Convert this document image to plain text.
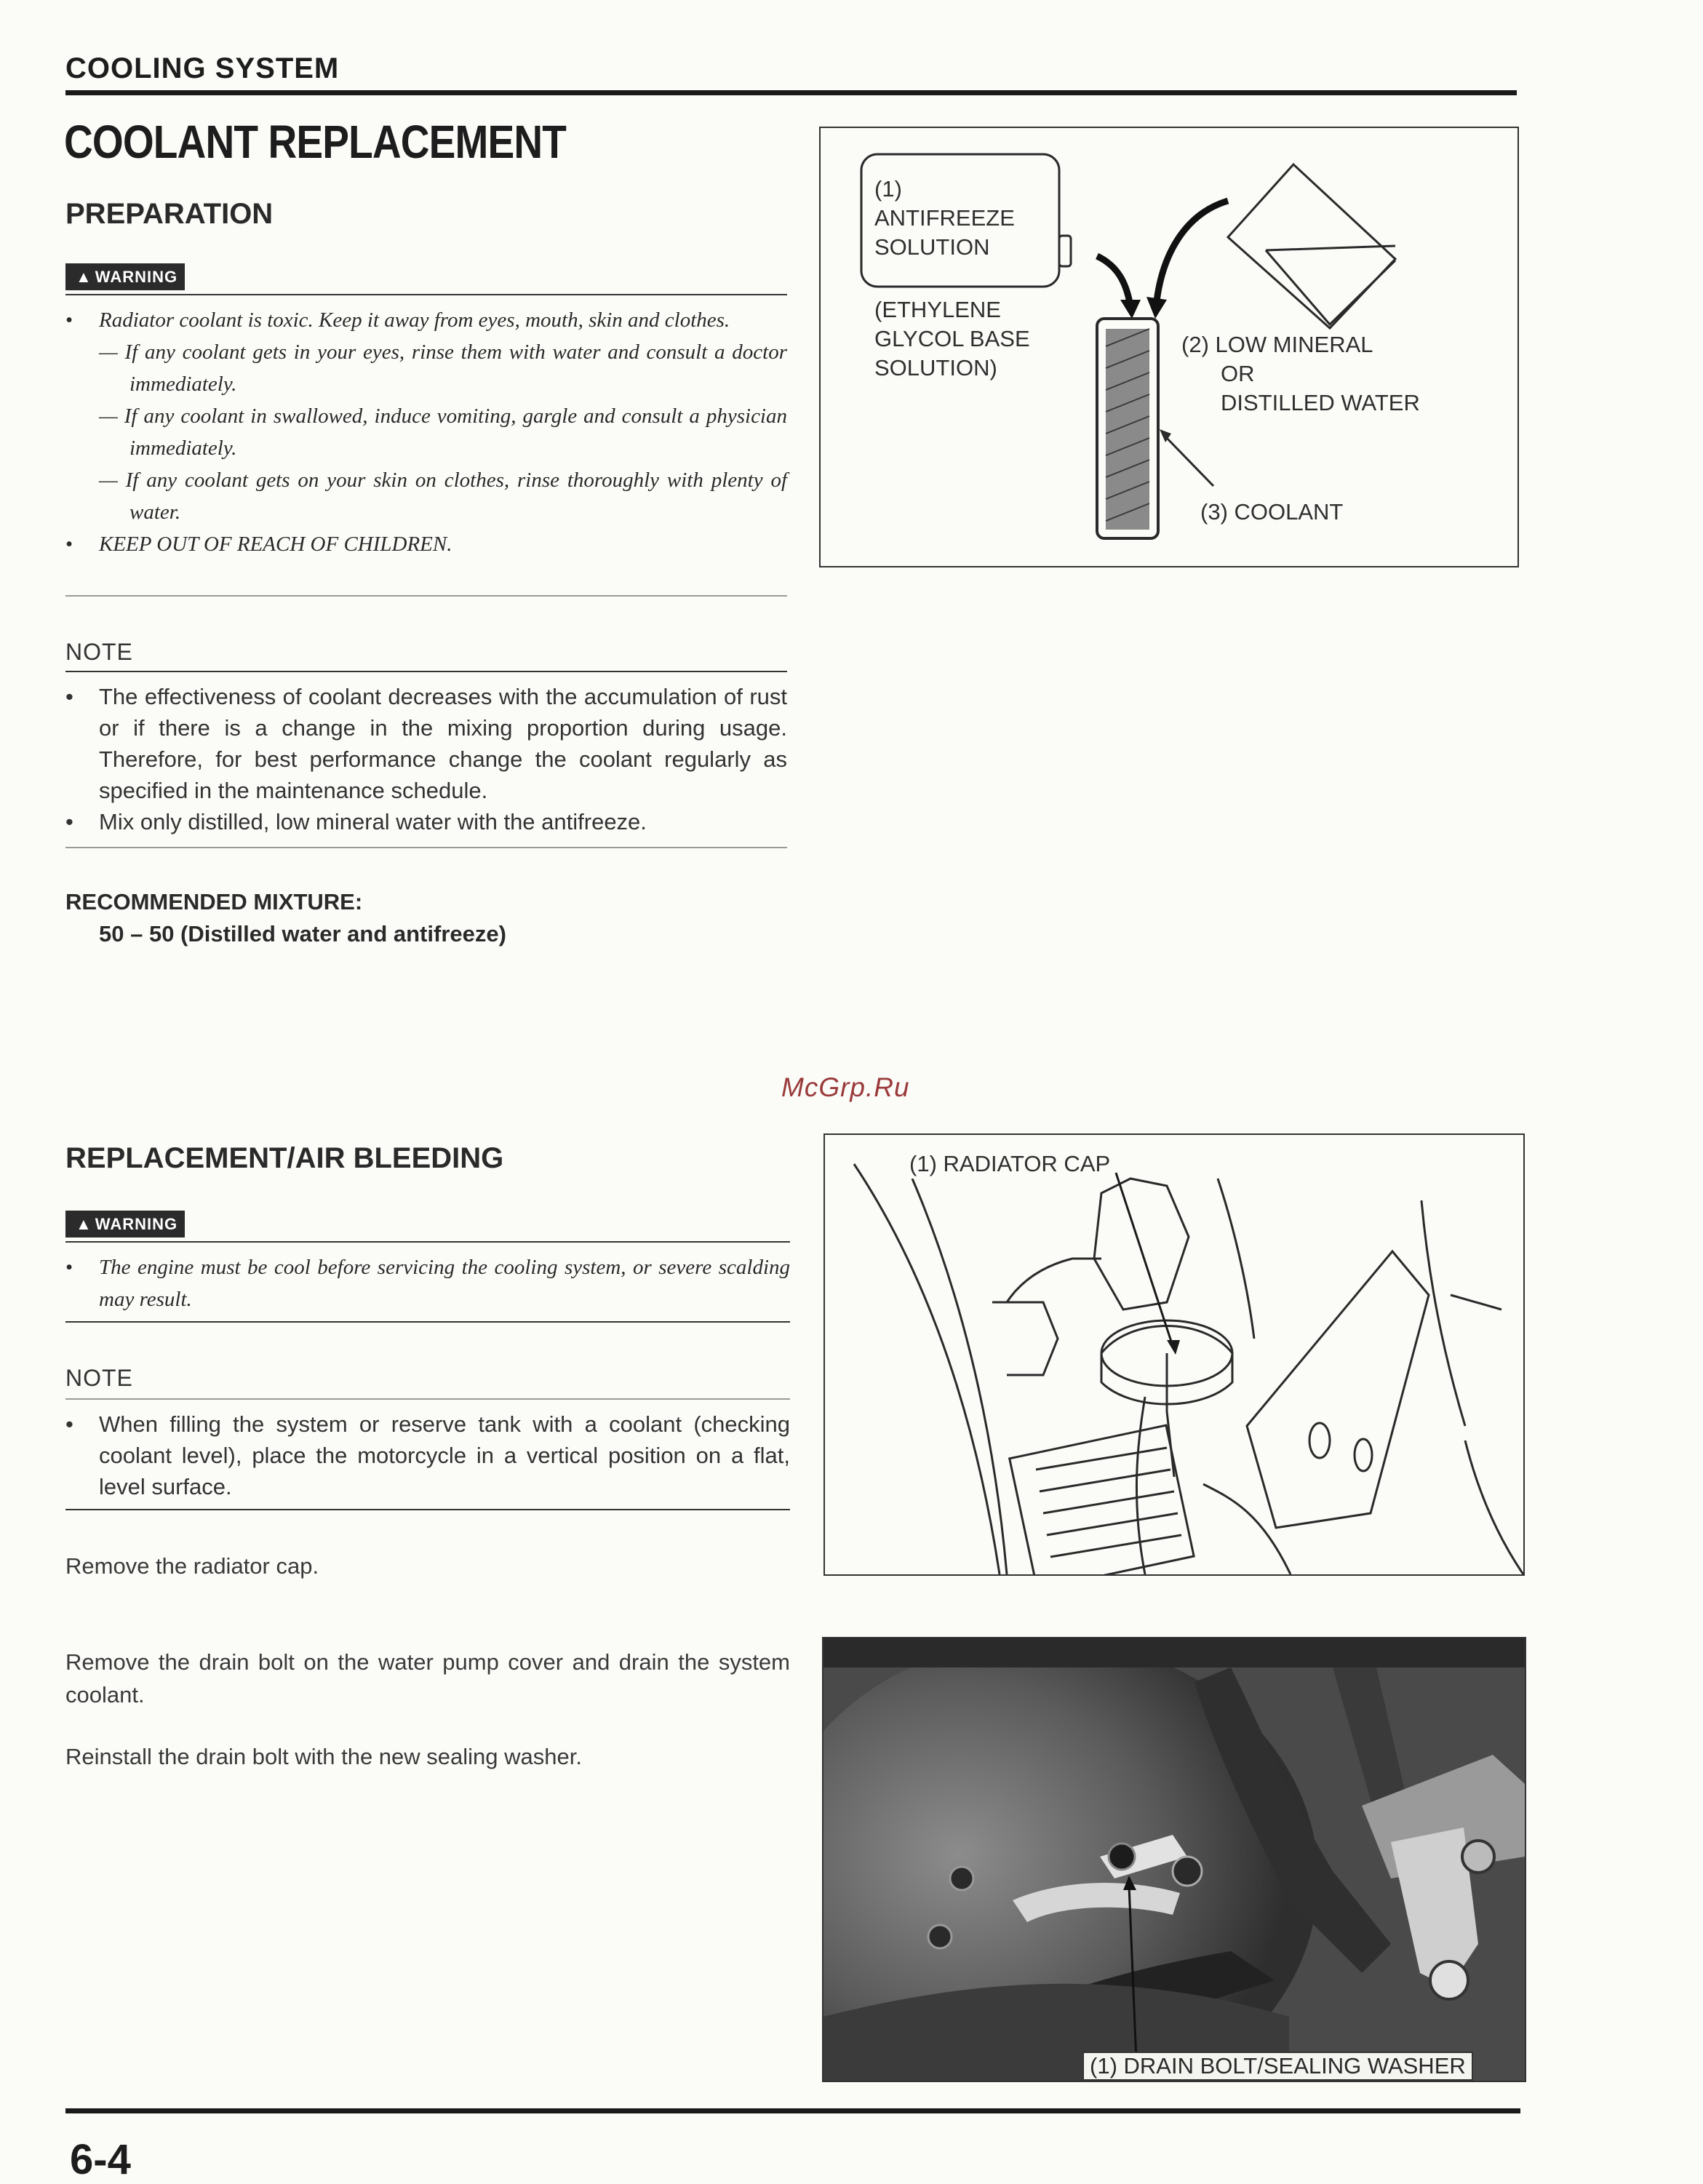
COOLING SYSTEM
COOLANT REPLACEMENT
PREPARATION
▲ WARNING
• Radiator coolant is toxic. Keep it away from eyes, mouth, skin and clothes.
— If any coolant gets in your eyes, rinse them with water and consult a doctor immediately.
— If any coolant in swallowed, induce vomiting, gargle and consult a physician immediately.
— If any coolant gets on your skin on clothes, rinse thoroughly with plenty of water.
• KEEP OUT OF REACH OF CHILDREN.
NOTE
• The effectiveness of coolant decreases with the accumulation of rust or if there is a change in the mixing proportion during usage. Therefore, for best performance change the coolant regularly as specified in the maintenance schedule.
• Mix only distilled, low mineral water with the antifreeze.
RECOMMENDED MIXTURE:
50 – 50 (Distilled water and antifreeze)
(1)
ANTIFREEZE
SOLUTION
(ETHYLENE
GLYCOL BASE
SOLUTION)
(2) LOW MINERAL
OR
DISTILLED WATER
(3) COOLANT
McGrp.Ru
REPLACEMENT/AIR BLEEDING
▲ WARNING
• The engine must be cool before servicing the cooling system, or severe scalding may result.
NOTE
• When filling the system or reserve tank with a coolant (checking coolant level), place the motorcycle in a vertical position on a flat, level surface.
Remove the radiator cap.
Remove the drain bolt on the water pump cover and drain the system coolant.
Reinstall the drain bolt with the new sealing washer.
(1) RADIATOR CAP
(1) DRAIN BOLT/SEALING WASHER
6-4
